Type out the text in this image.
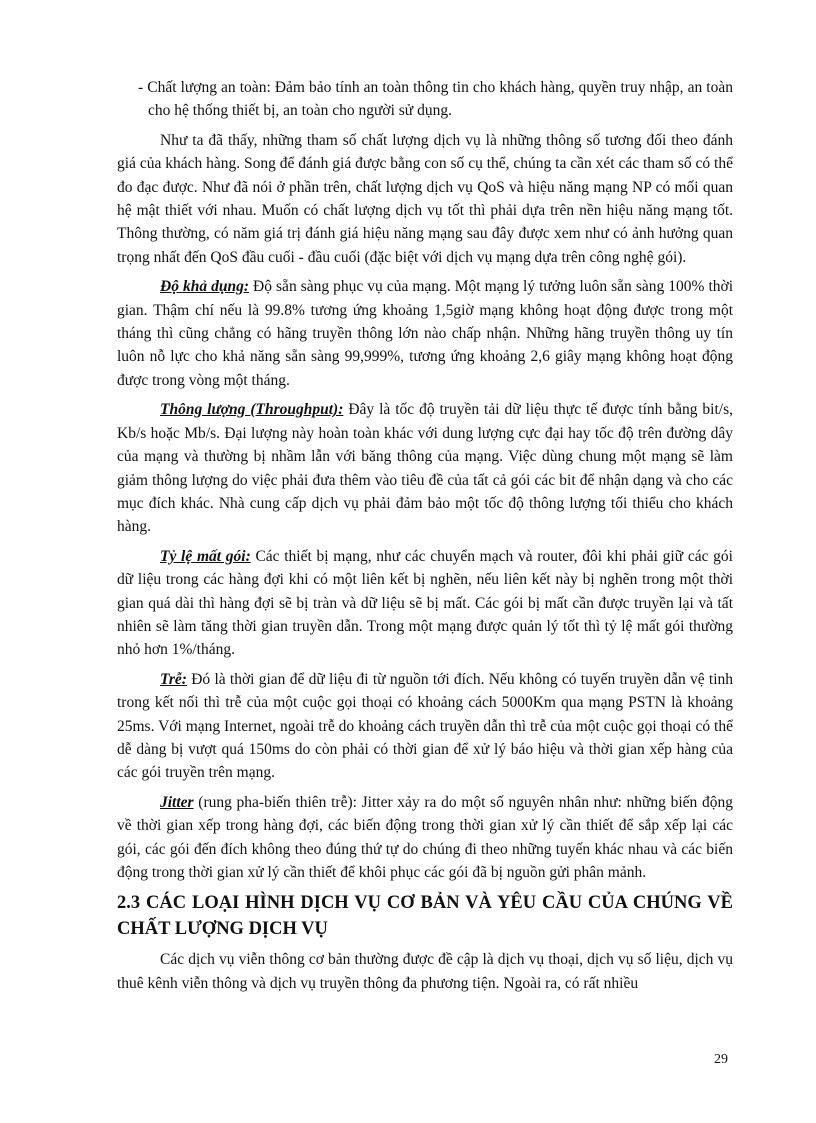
- Chất lượng an toàn: Đảm bảo tính an toàn thông tin cho khách hàng, quyền truy nhập, an toàn cho hệ thống thiết bị, an toàn cho người sử dụng.

Như ta đã thấy, những tham số chất lượng dịch vụ là những thông số tương đối theo đánh giá của khách hàng. Song để đánh giá được bằng con số cụ thể, chúng ta cần xét các tham số có thể đo đạc được. Như đã nói ở phần trên, chất lượng dịch vụ QoS và hiệu năng mạng NP có mối quan hệ mật thiết với nhau. Muốn có chất lượng dịch vụ tốt thì phải dựa trên nền hiệu năng mạng tốt. Thông thường, có năm giá trị đánh giá hiệu năng mạng sau đây được xem như có ảnh hưởng quan trọng nhất đến QoS đầu cuối - đầu cuối (đặc biệt với dịch vụ mạng dựa trên công nghệ gói).

Độ khả dụng: Độ sẵn sàng phục vụ của mạng. Một mạng lý tưởng luôn sẵn sàng 100% thời gian. Thậm chí nếu là 99.8% tương ứng khoảng 1,5giờ mạng không hoạt động được trong một tháng thì cũng chẳng có hãng truyền thông lớn nào chấp nhận. Những hãng truyền thông uy tín luôn nỗ lực cho khả năng sẵn sàng 99,999%, tương ứng khoảng 2,6 giây mạng không hoạt động được trong vòng một tháng.

Thông lượng (Throughput): Đây là tốc độ truyền tải dữ liệu thực tế được tính bằng bit/s, Kb/s hoặc Mb/s. Đại lượng này hoàn toàn khác với dung lượng cực đại hay tốc độ trên đường dây của mạng và thường bị nhầm lẫn với băng thông của mạng. Việc dùng chung một mạng sẽ làm giảm thông lượng do việc phải đưa thêm vào tiêu đề của tất cả gói các bit để nhận dạng và cho các mục đích khác. Nhà cung cấp dịch vụ phải đảm bảo một tốc độ thông lượng tối thiểu cho khách hàng.

Tỷ lệ mất gói: Các thiết bị mạng, như các chuyển mạch và router, đôi khi phải giữ các gói dữ liệu trong các hàng đợi khi có một liên kết bị nghẽn, nếu liên kết này bị nghẽn trong một thời gian quá dài thì hàng đợi sẽ bị tràn và dữ liệu sẽ bị mất. Các gói bị mất cần được truyền lại và tất nhiên sẽ làm tăng thời gian truyền dẫn. Trong một mạng được quản lý tốt thì tỷ lệ mất gói thường nhỏ hơn 1%/tháng.

Trễ: Đó là thời gian để dữ liệu đi từ nguồn tới đích. Nếu không có tuyến truyền dẫn vệ tinh trong kết nối thì trễ của một cuộc gọi thoại có khoảng cách 5000Km qua mạng PSTN là khoảng 25ms. Với mạng Internet, ngoài trễ do khoảng cách truyền dẫn thì trễ của một cuộc gọi thoại có thể dễ dàng bị vượt quá 150ms do còn phải có thời gian để xử lý báo hiệu và thời gian xếp hàng của các gói truyền trên mạng.

Jitter (rung pha-biến thiên trễ): Jitter xảy ra do một số nguyên nhân như: những biến động về thời gian xếp trong hàng đợi, các biến động trong thời gian xử lý cần thiết để sắp xếp lại các gói, các gói đến đích không theo đúng thứ tự do chúng đi theo những tuyến khác nhau và các biến động trong thời gian xử lý cần thiết để khôi phục các gói đã bị nguồn gửi phân mảnh.

2.3 CÁC LOẠI HÌNH DỊCH VỤ CƠ BẢN VÀ YÊU CẦU CỦA CHÚNG VỀ CHẤT LƯỢNG DỊCH VỤ

Các dịch vụ viễn thông cơ bản thường được đề cập là dịch vụ thoại, dịch vụ số liệu, dịch vụ thuê kênh viễn thông và dịch vụ truyền thông đa phương tiện. Ngoài ra, có rất nhiều

29
